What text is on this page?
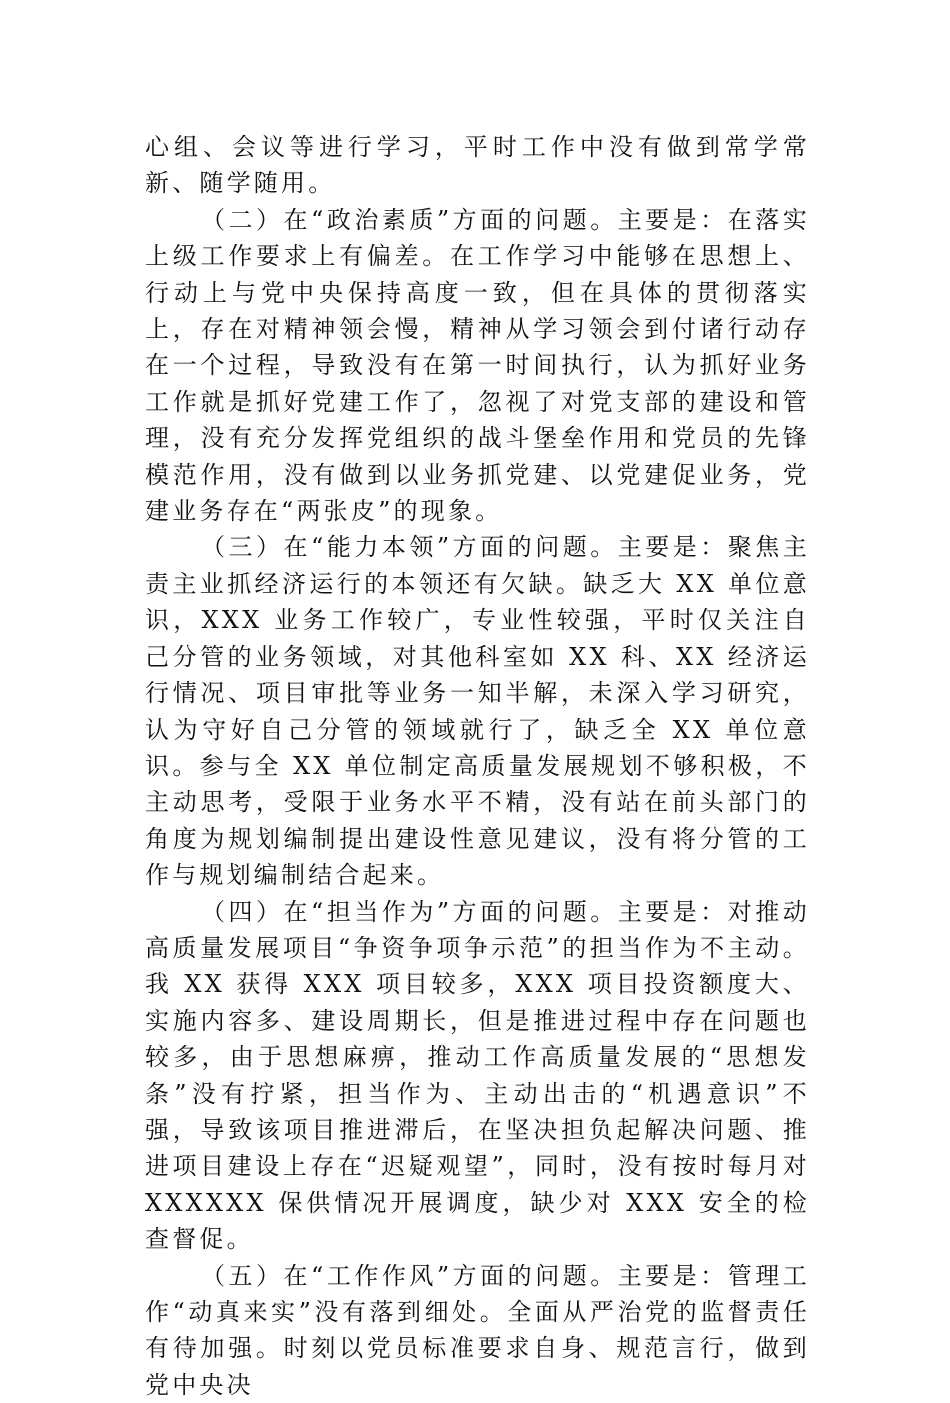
心组、会议等进行学习，平时工作中没有做到常学常新、随学随用。

（二）在“政治素质”方面的问题。主要是：在落实上级工作要求上有偏差。在工作学习中能够在思想上、行动上与党中央保持高度一致，但在具体的贯彻落实上，存在对精神领会慢，精神从学习领会到付诸行动存在一个过程，导致没有在第一时间执行，认为抓好业务工作就是抓好党建工作了，忽视了对党支部的建设和管理，没有充分发挥党组织的战斗堡垒作用和党员的先锋模范作用，没有做到以业务抓党建、以党建促业务，党建业务存在“两张皮”的现象。

（三）在“能力本领”方面的问题。主要是：聚焦主责主业抓经济运行的本领还有欠缺。缺乏大 XX 单位意识，XXX 业务工作较广，专业性较强，平时仅关注自己分管的业务领域，对其他科室如 XX 科、XX 经济运行情况、项目审批等业务一知半解，未深入学习研究，认为守好自己分管的领域就行了，缺乏全 XX 单位意识。参与全 XX 单位制定高质量发展规划不够积极，不主动思考，受限于业务水平不精，没有站在前头部门的角度为规划编制提出建设性意见建议，没有将分管的工作与规划编制结合起来。

（四）在“担当作为”方面的问题。主要是：对推动高质量发展项目“争资争项争示范”的担当作为不主动。我 XX 获得 XXX 项目较多，XXX 项目投资额度大、实施内容多、建设周期长，但是推进过程中存在问题也较多，由于思想麻痹，推动工作高质量发展的“思想发条”没有拧紧，担当作为、主动出击的“机遇意识”不强，导致该项目推进滞后，在坚决担负起解决问题、推进项目建设上存在“迟疑观望”，同时，没有按时每月对 XXXXXX 保供情况开展调度，缺少对 XXX 安全的检查督促。

（五）在“工作作风”方面的问题。主要是：管理工作“动真来实”没有落到细处。全面从严治党的监督责任有待加强。时刻以党员标准要求自身、规范言行，做到党中央决
